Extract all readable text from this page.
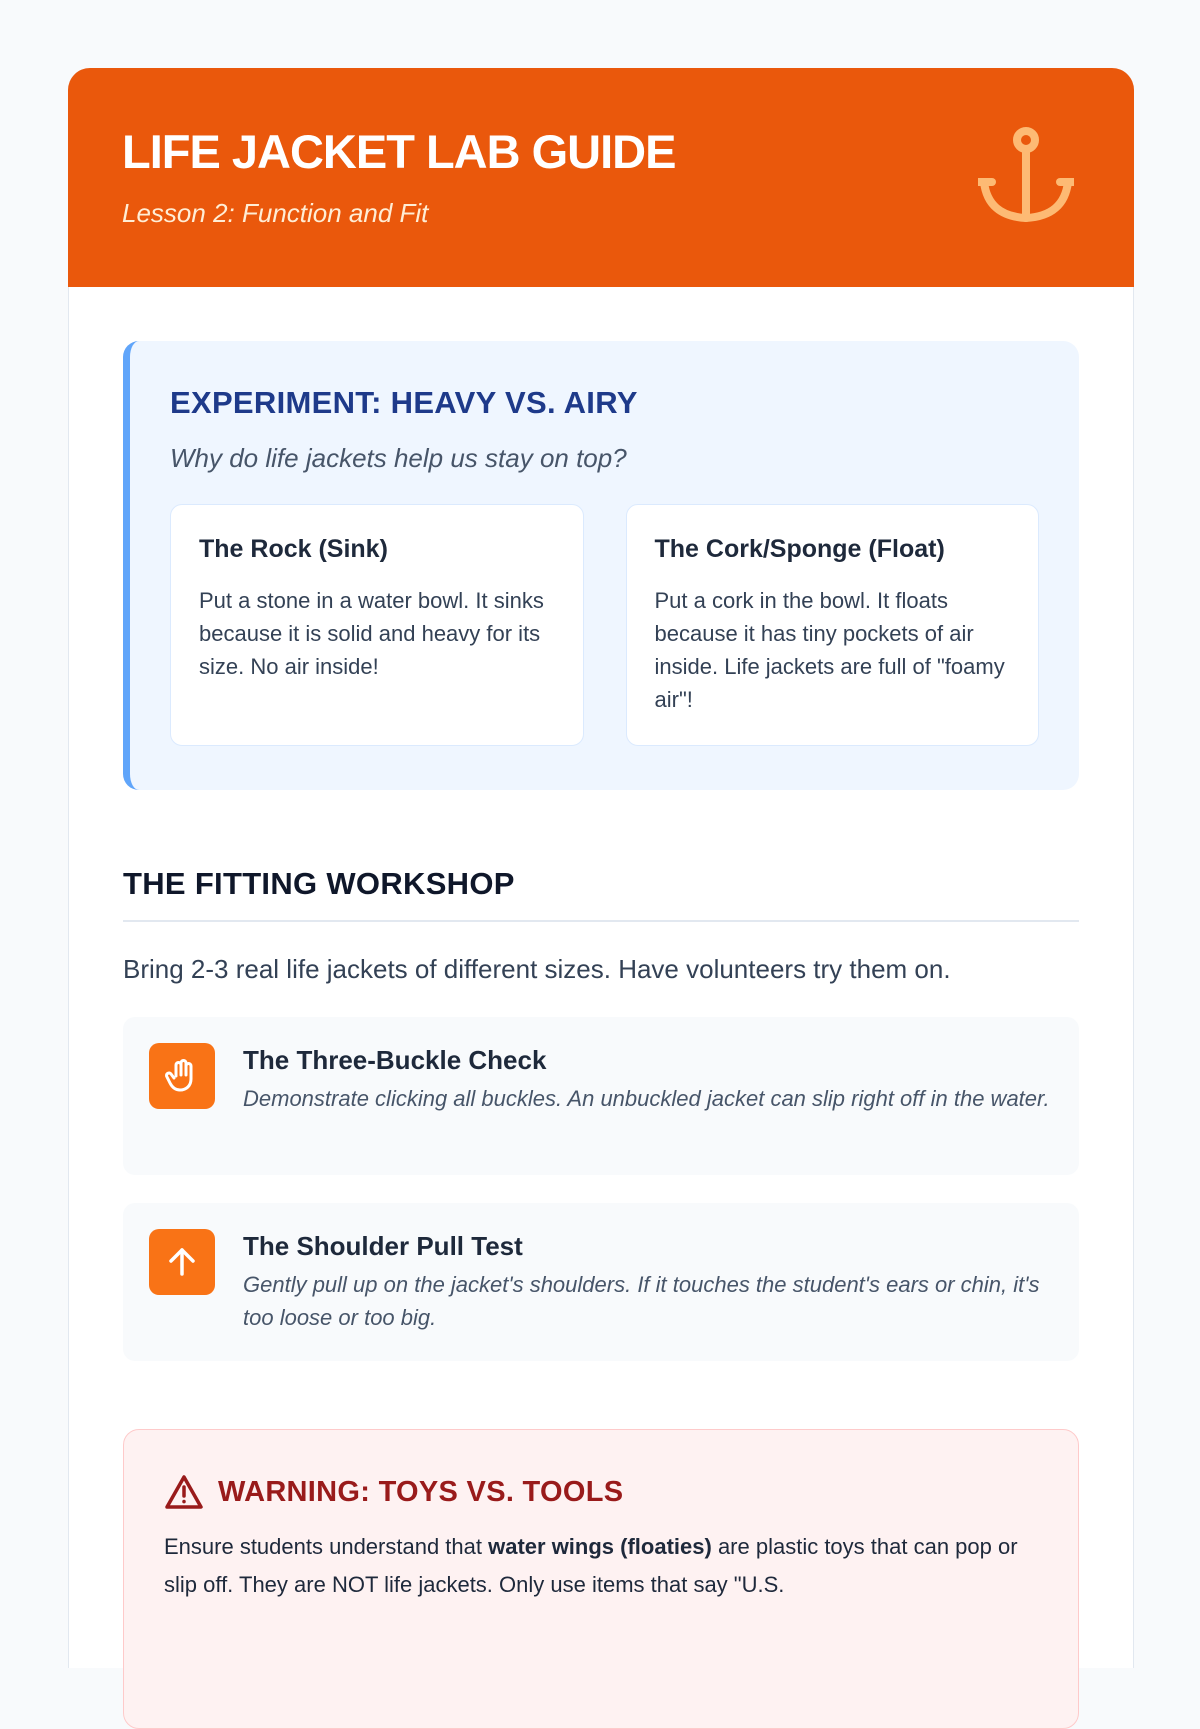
LIFE JACKET LAB GUIDE
Lesson 2: Function and Fit
EXPERIMENT: HEAVY VS. AIRY
Why do life jackets help us stay on top?
The Rock (Sink)
Put a stone in a water bowl. It sinks because it is solid and heavy for its size. No air inside!
The Cork/Sponge (Float)
Put a cork in the bowl. It floats because it has tiny pockets of air inside. Life jackets are full of "foamy air"!
THE FITTING WORKSHOP
Bring 2-3 real life jackets of different sizes. Have volunteers try them on.
The Three-Buckle Check
Demonstrate clicking all buckles. An unbuckled jacket can slip right off in the water.
The Shoulder Pull Test
Gently pull up on the jacket's shoulders. If it touches the student's ears or chin, it's too loose or too big.
WARNING: TOYS VS. TOOLS
Ensure students understand that water wings (floaties) are plastic toys that can pop or slip off. They are NOT life jackets. Only use items that say "U.S.
